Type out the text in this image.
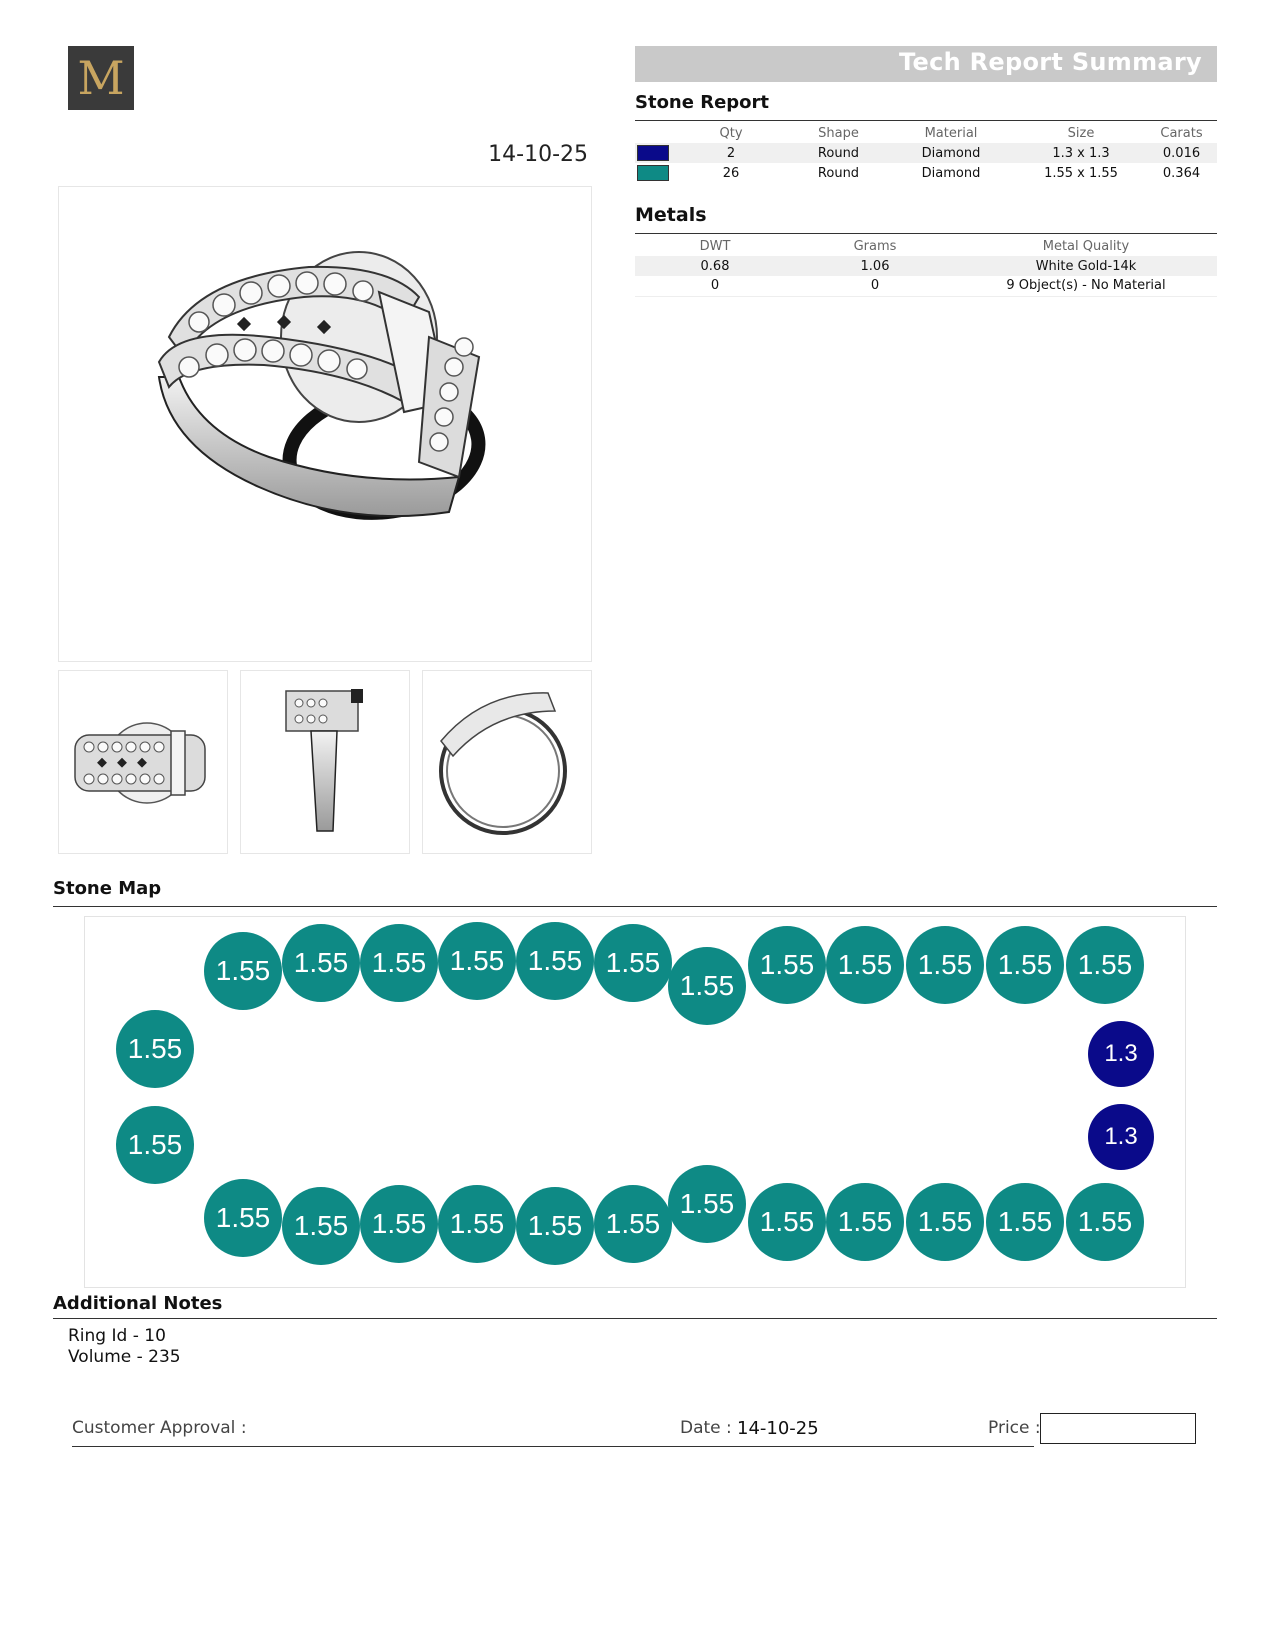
M	Tech Report Summary
14-10-25
Stone Report
	Qty	Shape	Material	Size	Carats

	2	Round	Diamond	1.3 x 1.3	0.016

	26	Round	Diamond	1.55 x 1.55	0.364
Metals
DWT	Grams	Metal Quality
0.68	1.06	White Gold-14k
0	0	9 Object(s) - No Material
Stone Map
1.55 1.55 1.55 1.55 1.55 1.55
1.55
1.55 1.55 1.55 1.55 1.55
1.55 1.55 1.55 1.55 1.55 1.55
1.55
1.55 1.55 1.55 1.55 1.55
1.55
1.55
1.3
1.3
Additional Notes
Ring Id - 10
Volume - 235
Customer Approval :	Date : 14-10-25	Price :
